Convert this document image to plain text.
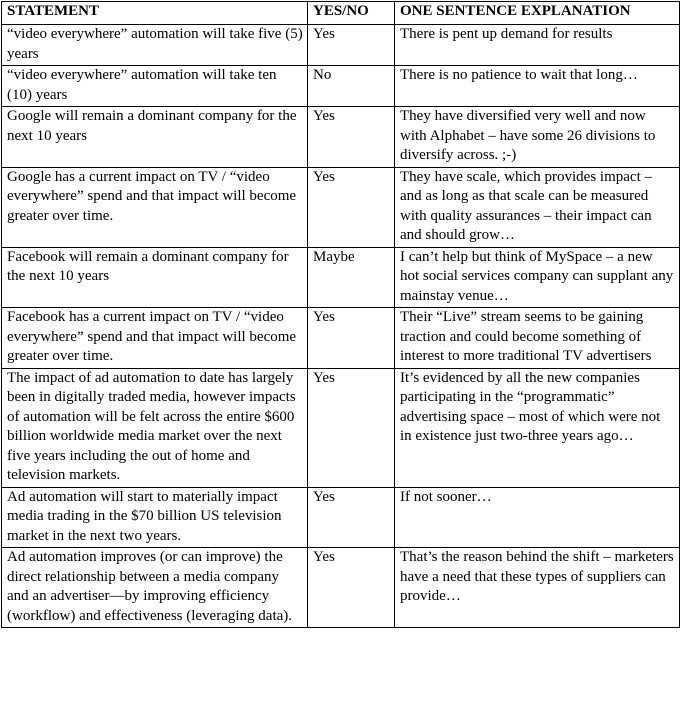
STATEMENT	YES/NO	ONE SENTENCE EXPLANATION
“video everywhere” automation will take five (5) years	Yes	There is pent up demand for results
“video everywhere” automation will take ten (10) years	No	There is no patience to wait that long…
Google will remain a dominant company for the next 10 years	Yes	They have diversified very well and now with Alphabet – have some 26 divisions to diversify across. ;-)
Google has a current impact on TV / “video everywhere” spend and that impact will become greater over time.	Yes	They have scale, which provides impact – and as long as that scale can be measured with quality assurances – their impact can and should grow…
Facebook will remain a dominant company for the next 10 years	Maybe	I can’t help but think of MySpace – a new hot social services company can supplant any mainstay venue…
Facebook has a current impact on TV / “video everywhere” spend and that impact will become greater over time.	Yes	Their “Live” stream seems to be gaining traction and could become something of interest to more traditional TV advertisers
The impact of ad automation to date has largely been in digitally traded media, however impacts of automation will be felt across the entire $600 billion worldwide media market over the next five years including the out of home and television markets.	Yes	It’s evidenced by all the new companies participating in the “programmatic” advertising space – most of which were not in existence just two-three years ago…
Ad automation will start to materially impact media trading in the $70 billion US television market in the next two years.	Yes	If not sooner…
Ad automation improves (or can improve) the direct relationship between a media company and an advertiser—by improving efficiency (workflow) and effectiveness (leveraging data).	Yes	That’s the reason behind the shift – marketers have a need that these types of suppliers can provide…
